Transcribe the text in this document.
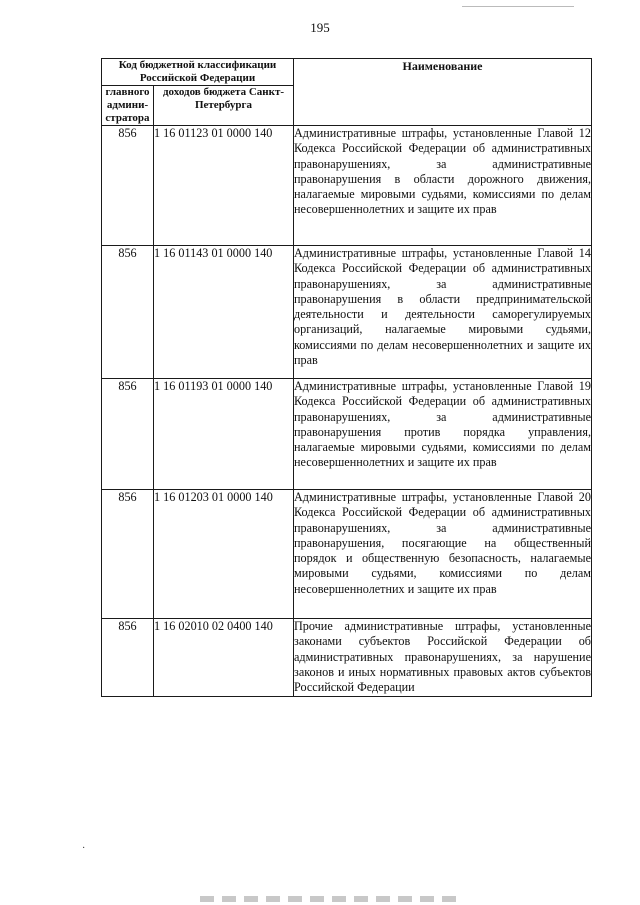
195
Код бюджетной классификации Российской Федерации		Наименование
главного админи-стратора	доходов бюджета Санкт-Петербурга	
856	1 16 01123 01 0000 140	Административные штрафы, установленные Главой 12 Кодекса Российской Федерации об административных правонарушениях, за административные правонарушения в области дорожного движения, налагаемые мировыми судьями, комиссиями по делам несовершеннолетних и защите их прав
856	1 16 01143 01 0000 140	Административные штрафы, установленные Главой 14 Кодекса Российской Федерации об административных правонарушениях, за административные правонарушения в области предпринимательской деятельности и деятельности саморегулируемых организаций, налагаемые мировыми судьями, комиссиями по делам несовершеннолетних и защите их прав
856	1 16 01193 01 0000 140	Административные штрафы, установленные Главой 19 Кодекса Российской Федерации об административных правонарушениях, за административные правонарушения против порядка управления, налагаемые мировыми судьями, комиссиями по делам несовершеннолетних и защите их прав
856	1 16 01203 01 0000 140	Административные штрафы, установленные Главой 20 Кодекса Российской Федерации об административных правонарушениях, за административные правонарушения, посягающие на общественный порядок и общественную безопасность, налагаемые мировыми судьями, комиссиями по делам несовершеннолетних и защите их прав
856	1 16 02010 02 0400 140	Прочие административные штрафы, установленные законами субъектов Российской Федерации об административных правонарушениях, за нарушение законов и иных нормативных правовых актов субъектов Российской Федерации
·
